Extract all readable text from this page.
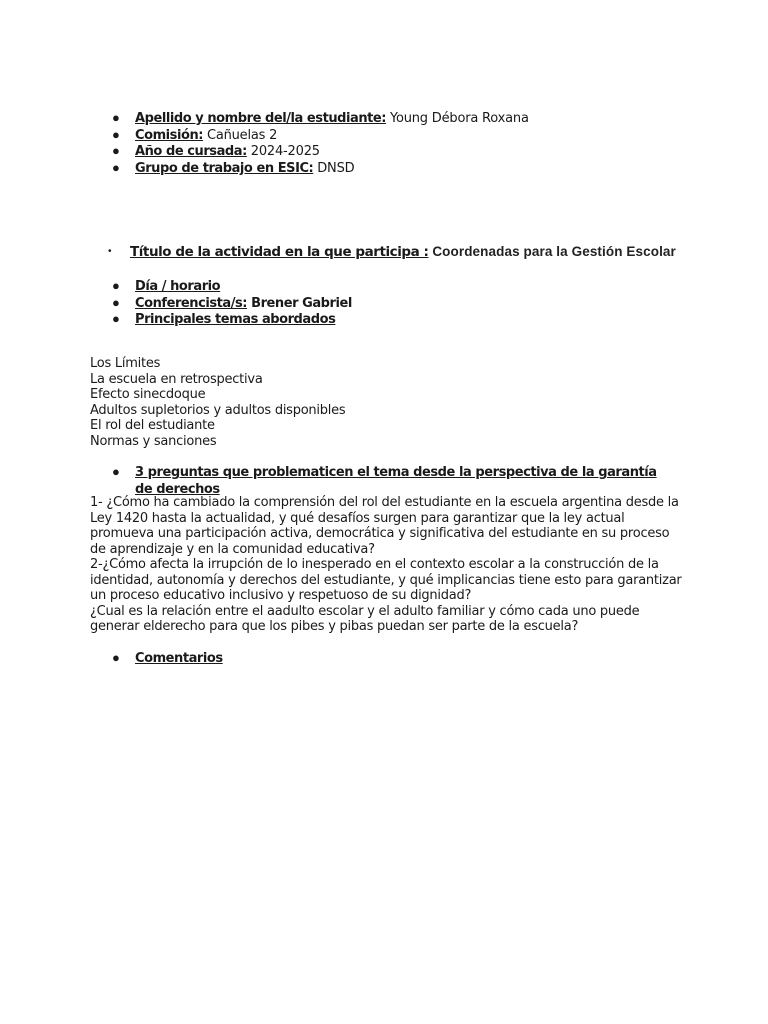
● Apellido y nombre del/la estudiante: Young Débora Roxana
● Comisión: Cañuelas 2
● Año de cursada: 2024-2025
● Grupo de trabajo en ESIC: DNSD
• Título de la actividad en la que participa : Coordenadas para la Gestión Escolar
● Día / horario
● Conferencista/s: Brener Gabriel
● Principales temas abordados
Los Límites
La escuela en retrospectiva
Efecto sinecdoque
Adultos supletorios y adultos disponibles
El rol del estudiante
Normas y sanciones
● 3 preguntas que problematicen el tema desde la perspectiva de la garantía de derechos

1- ¿Cómo ha cambiado la comprensión del rol del estudiante en la escuela argentina desde la Ley 1420 hasta la actualidad, y qué desafíos surgen para garantizar que la ley actual promueva una participación activa, democrática y significativa del estudiante en su proceso de aprendizaje y en la comunidad educativa?

2-¿Cómo afecta la irrupción de lo inesperado en el contexto escolar a la construcción de la identidad, autonomía y derechos del estudiante, y qué implicancias tiene esto para garantizar un proceso educativo inclusivo y respetuoso de su dignidad?

¿Cual es la relación entre el aadulto escolar y el adulto familiar y cómo cada uno puede generar elderecho para que los pibes y pibas puedan ser parte de la escuela?

● Comentarios
